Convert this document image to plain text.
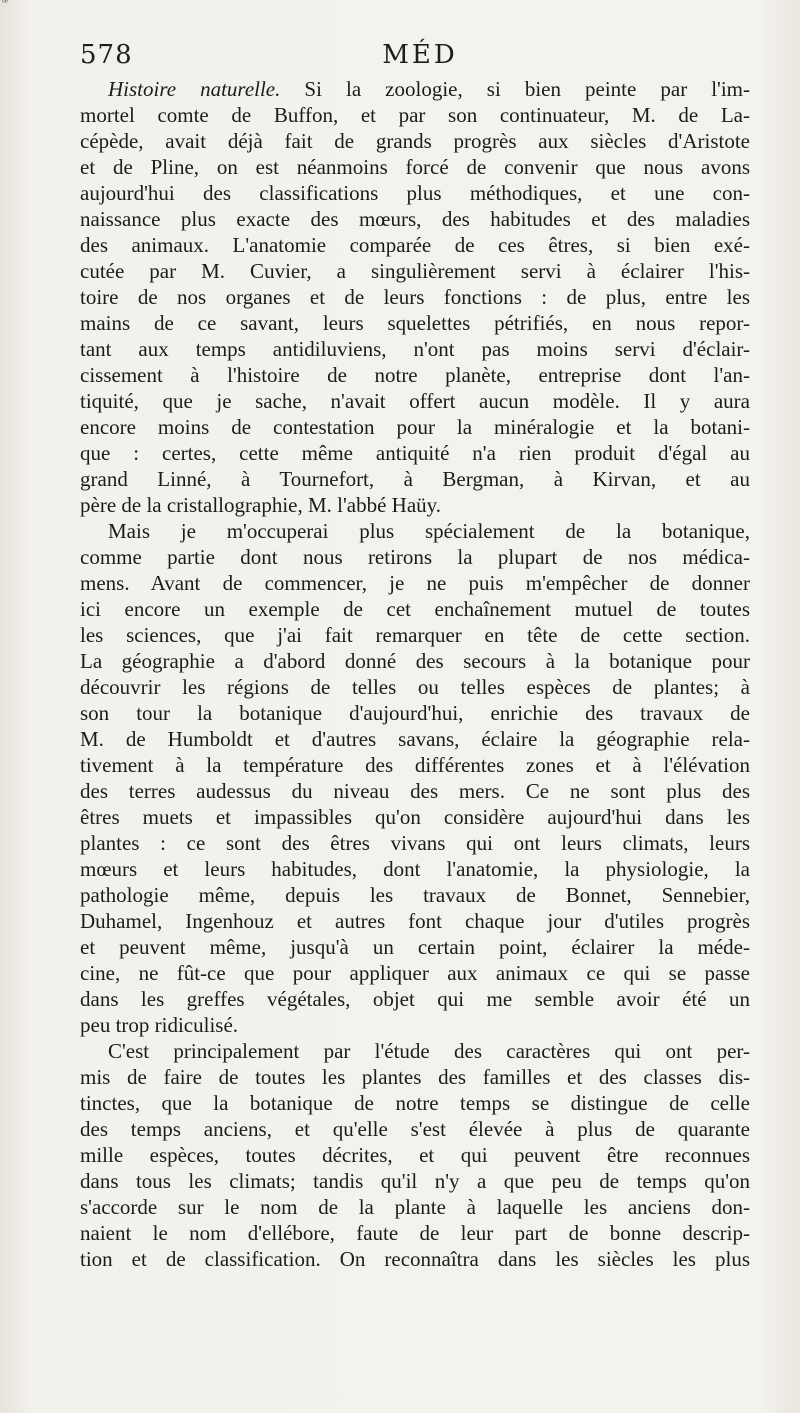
ꟹ
578	MÉD
Histoire naturelle. Si la zoologie, si bien peinte par l'im-
mortel comte de Buffon, et par son continuateur, M. de La-
cépède, avait déjà fait de grands progrès aux siècles d'Aristote
et de Pline, on est néanmoins forcé de convenir que nous avons
aujourd'hui des classifications plus méthodiques, et une con-
naissance plus exacte des mœurs, des habitudes et des maladies
des animaux. L'anatomie comparée de ces êtres, si bien exé-
cutée par M. Cuvier, a singulièrement servi à éclairer l'his-
toire de nos organes et de leurs fonctions : de plus, entre les
mains de ce savant, leurs squelettes pétrifiés, en nous repor-
tant aux temps antidiluviens, n'ont pas moins servi d'éclair-
cissement à l'histoire de notre planète, entreprise dont l'an-
tiquité, que je sache, n'avait offert aucun modèle. Il y aura
encore moins de contestation pour la minéralogie et la botani-
que : certes, cette même antiquité n'a rien produit d'égal au
grand Linné, à Tournefort, à Bergman, à Kirvan, et au
père de la cristallographie, M. l'abbé Haüy.
Mais je m'occuperai plus spécialement de la botanique,
comme partie dont nous retirons la plupart de nos médica-
mens. Avant de commencer, je ne puis m'empêcher de donner
ici encore un exemple de cet enchaînement mutuel de toutes
les sciences, que j'ai fait remarquer en tête de cette section.
La géographie a d'abord donné des secours à la botanique pour
découvrir les régions de telles ou telles espèces de plantes; à
son tour la botanique d'aujourd'hui, enrichie des travaux de
M. de Humboldt et d'autres savans, éclaire la géographie rela-
tivement à la température des différentes zones et à l'élévation
des terres audessus du niveau des mers. Ce ne sont plus des
êtres muets et impassibles qu'on considère aujourd'hui dans les
plantes : ce sont des êtres vivans qui ont leurs climats, leurs
mœurs et leurs habitudes, dont l'anatomie, la physiologie, la
pathologie même, depuis les travaux de Bonnet, Sennebier,
Duhamel, Ingenhouz et autres font chaque jour d'utiles progrès
et peuvent même, jusqu'à un certain point, éclairer la méde-
cine, ne fût-ce que pour appliquer aux animaux ce qui se passe
dans les greffes végétales, objet qui me semble avoir été un
peu trop ridiculisé.
C'est principalement par l'étude des caractères qui ont per-
mis de faire de toutes les plantes des familles et des classes dis-
tinctes, que la botanique de notre temps se distingue de celle
des temps anciens, et qu'elle s'est élevée à plus de quarante
mille espèces, toutes décrites, et qui peuvent être reconnues
dans tous les climats; tandis qu'il n'y a que peu de temps qu'on
s'accorde sur le nom de la plante à laquelle les anciens don-
naient le nom d'ellébore, faute de leur part de bonne descrip-
tion et de classification. On reconnaîtra dans les siècles les plus
